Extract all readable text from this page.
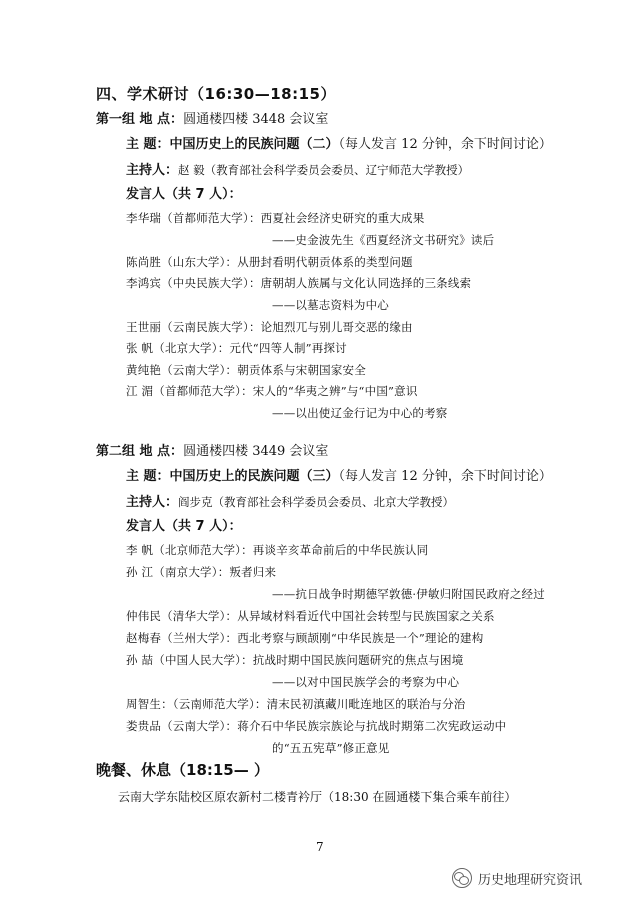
四、学术研讨（16:30—18:15）
第一组 地 点：圆通楼四楼 3448 会议室
主 题：中国历史上的民族问题（二）（每人发言 12 分钟，余下时间讨论）
主持人：赵 毅（教育部社会科学委员会委员、辽宁师范大学教授）
发言人（共 7 人）：
李华瑞（首都师范大学）：西夏社会经济史研究的重大成果
——史金波先生《西夏经济文书研究》读后
陈尚胜（山东大学）：从册封看明代朝贡体系的类型问题
李鸿宾（中央民族大学）：唐朝胡人族属与文化认同选择的三条线索
——以墓志资料为中心
王世丽（云南民族大学）：论旭烈兀与别儿哥交恶的缘由
张 帆（北京大学）：元代“四等人制”再探讨
黄纯艳（云南大学）：朝贡体系与宋朝国家安全
江 湄（首都师范大学）：宋人的“华夷之辨”与“中国”意识
——以出使辽金行记为中心的考察
第二组 地 点：圆通楼四楼 3449 会议室
主 题：中国历史上的民族问题（三）（每人发言 12 分钟，余下时间讨论）
主持人：阎步克（教育部社会科学委员会委员、北京大学教授）
发言人（共 7 人）：
李 帆（北京师范大学）：再谈辛亥革命前后的中华民族认同
孙 江（南京大学）：叛者归来
——抗日战争时期德罕敦德·伊敏归附国民政府之经过
仲伟民（清华大学）：从异域材料看近代中国社会转型与民族国家之关系
赵梅春（兰州大学）：西北考察与顾颉刚“中华民族是一个”理论的建构
孙 喆（中国人民大学）：抗战时期中国民族问题研究的焦点与困境
——以对中国民族学会的考察为中心
周智生：（云南师范大学）：清末民初滇藏川毗连地区的联治与分治
娄贵品（云南大学）：蒋介石中华民族宗族论与抗战时期第二次宪政运动中
的“五五宪草”修正意见
晚餐、休息（18:15— ）
云南大学东陆校区原农新村二楼青衿厅（18:30 在圆通楼下集合乘车前往）
7
历史地理研究资讯
